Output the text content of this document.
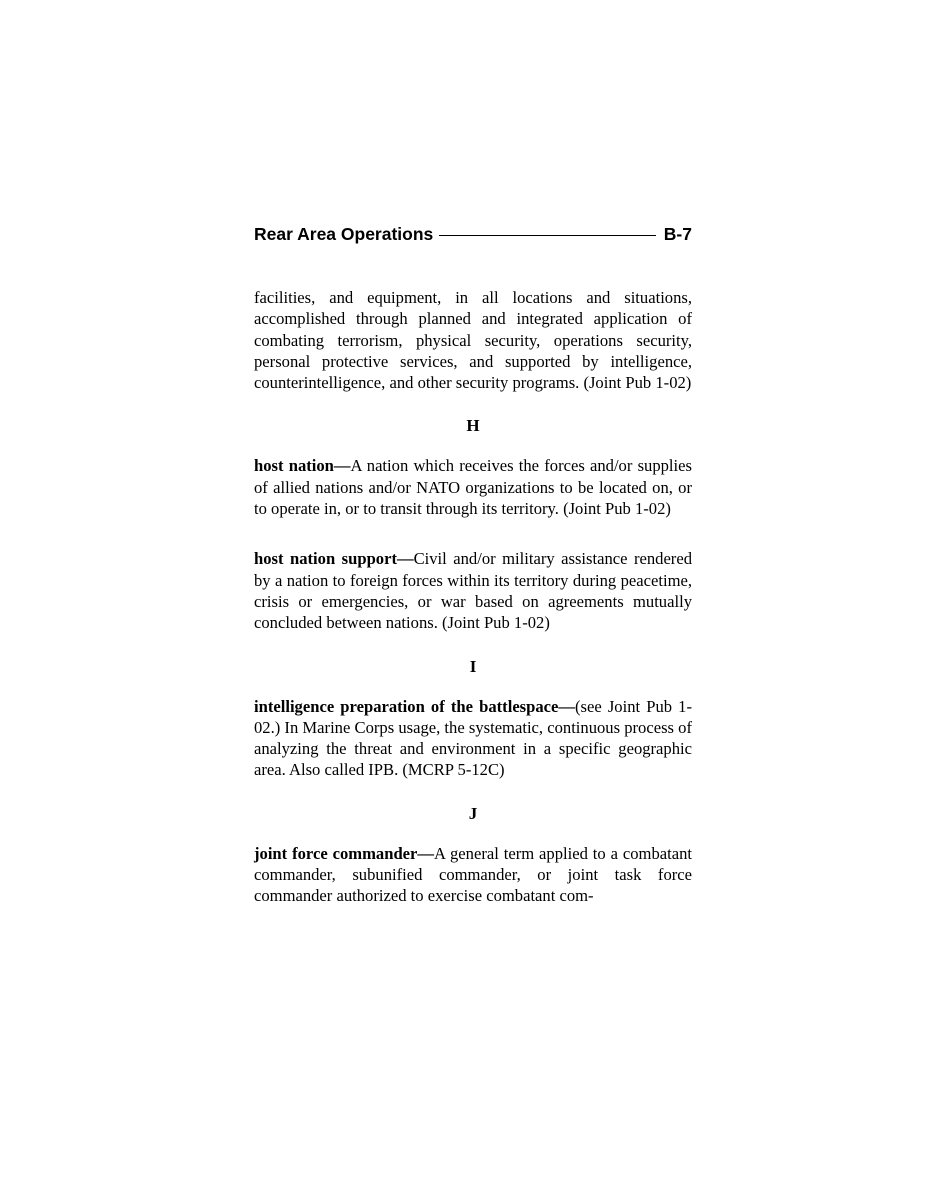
Rear Area Operations	B-7

facilities, and equipment, in all locations and situations, accomplished through planned and integrated application of combating terrorism, physical security, operations security, personal protective services, and supported by intelligence, counterintelligence, and other security programs. (Joint Pub 1-02)

H

host nation—A nation which receives the forces and/or supplies of allied nations and/or NATO organizations to be located on, or to operate in, or to transit through its territory. (Joint Pub 1-02)

host nation support—Civil and/or military assistance rendered by a nation to foreign forces within its territory during peacetime, crisis or emergencies, or war based on agreements mutually concluded between nations. (Joint Pub 1-02)

I

intelligence preparation of the battlespace—(see Joint Pub 1-02.) In Marine Corps usage, the systematic, continuous process of analyzing the threat and environment in a specific geographic area. Also called IPB. (MCRP 5-12C)

J

joint force commander—A general term applied to a combatant commander, subunified commander, or joint task force commander authorized to exercise combatant com-
